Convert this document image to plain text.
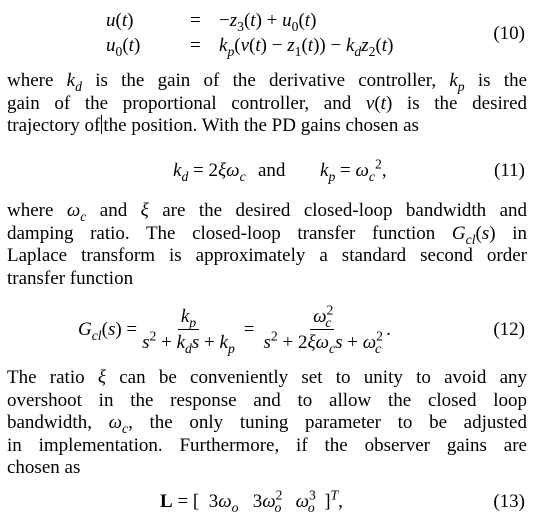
u(t)	= $-z_3(t) + u_0(t)$
$u_0(t)$	= $k_p(v(t) - z_1(t)) - k_dz_2(t)$
(10)
where $k_d$ is the gain of the derivative controller, $k_p$ is the
gain of the proportional controller, and v(t) is the desired
trajectory of the position. With the PD gains chosen as
$k_d = 2\xi\omega_c$ and $k_p = \omega_c^2$,	(11)
where $\omega_c$ and ξ are the desired closed-loop bandwidth and
damping ratio. The closed-loop transfer function $G_{cl}(s)$ in
Laplace transform is approximately a standard second order
transfer function
$G_{cl}(s) = \frac{k_p}{s^2 + k_ds + k_p} = \frac{\omega^2_c}{s^2 + 2\xi\omega_cs + \omega^2_c}$ .	(12)
The ratio ξ can be conveniently set to unity to avoid any
overshoot in the response and to allow the closed loop
bandwidth, $\omega_c$, the only tuning parameter to be adjusted
in implementation. Furthermore, if the observer gains are
chosen as
L = [  $3\omega_o$   $3\omega^2_o$ $\omega^3_o$  ]$^T$,	(13)
